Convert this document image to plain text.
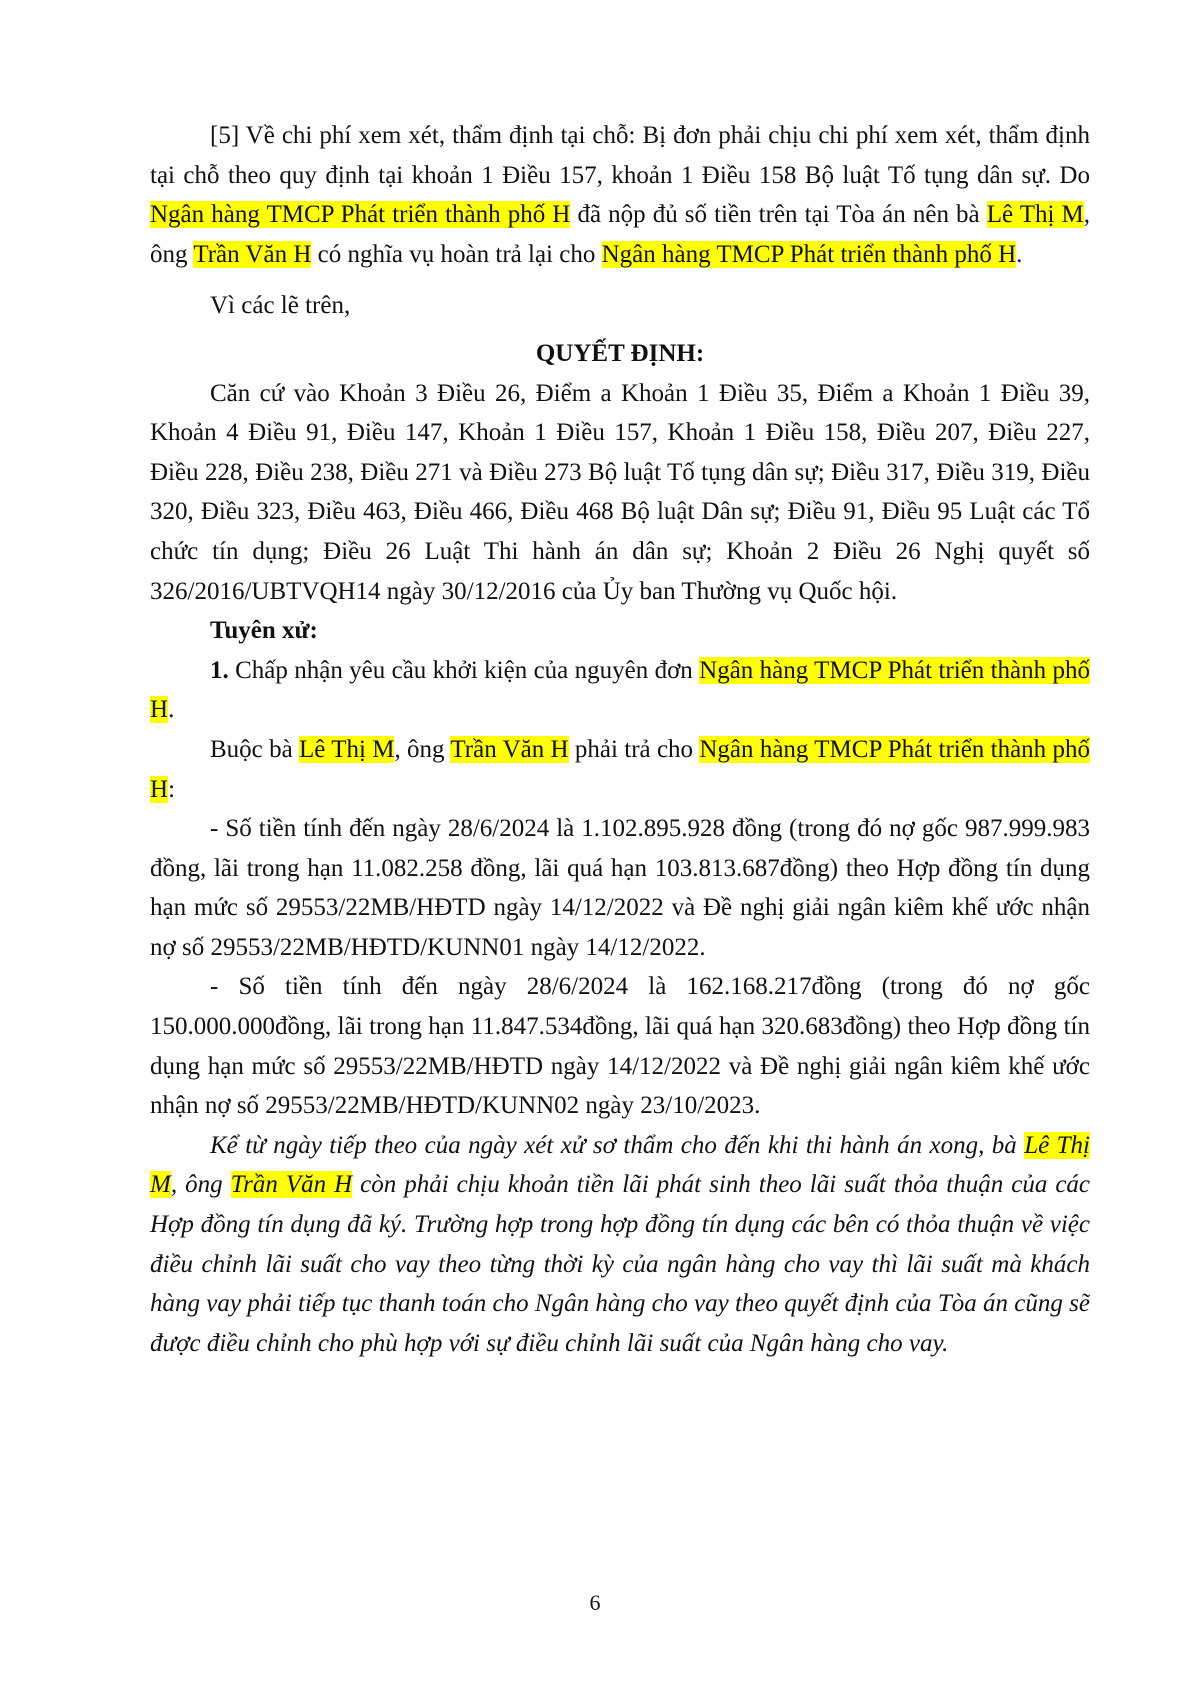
[5] Về chi phí xem xét, thẩm định tại chỗ: Bị đơn phải chịu chi phí xem xét, thẩm định tại chỗ theo quy định tại khoản 1 Điều 157, khoản 1 Điều 158 Bộ luật Tố tụng dân sự. Do Ngân hàng TMCP Phát triển thành phố H đã nộp đủ số tiền trên tại Tòa án nên bà Lê Thị M, ông Trần Văn H có nghĩa vụ hoàn trả lại cho Ngân hàng TMCP Phát triển thành phố H.

Vì các lẽ trên,

QUYẾT ĐỊNH:

Căn cứ vào Khoản 3 Điều 26, Điểm a Khoản 1 Điều 35, Điểm a Khoản 1 Điều 39, Khoản 4 Điều 91, Điều 147, Khoản 1 Điều 157, Khoản 1 Điều 158, Điều 207, Điều 227, Điều 228, Điều 238, Điều 271 và Điều 273 Bộ luật Tố tụng dân sự; Điều 317, Điều 319, Điều 320, Điều 323, Điều 463, Điều 466, Điều 468 Bộ luật Dân sự; Điều 91, Điều 95 Luật các Tổ chức tín dụng; Điều 26 Luật Thi hành án dân sự; Khoản 2 Điều 26 Nghị quyết số 326/2016/UBTVQH14 ngày 30/12/2016 của Ủy ban Thường vụ Quốc hội.

Tuyên xử:

1. Chấp nhận yêu cầu khởi kiện của nguyên đơn Ngân hàng TMCP Phát triển thành phố H.

Buộc bà Lê Thị M, ông Trần Văn H phải trả cho Ngân hàng TMCP Phát triển thành phố H:

- Số tiền tính đến ngày 28/6/2024 là 1.102.895.928 đồng (trong đó nợ gốc 987.999.983 đồng, lãi trong hạn 11.082.258 đồng, lãi quá hạn 103.813.687đồng) theo Hợp đồng tín dụng hạn mức số 29553/22MB/HĐTD ngày 14/12/2022 và Đề nghị giải ngân kiêm khế ước nhận nợ số 29553/22MB/HĐTD/KUNN01 ngày 14/12/2022.

- Số tiền tính đến ngày 28/6/2024 là 162.168.217đồng (trong đó nợ gốc 150.000.000đồng, lãi trong hạn 11.847.534đồng, lãi quá hạn 320.683đồng) theo Hợp đồng tín dụng hạn mức số 29553/22MB/HĐTD ngày 14/12/2022 và Đề nghị giải ngân kiêm khế ước nhận nợ số 29553/22MB/HĐTD/KUNN02 ngày 23/10/2023.

Kể từ ngày tiếp theo của ngày xét xử sơ thẩm cho đến khi thi hành án xong, bà Lê Thị M, ông Trần Văn H còn phải chịu khoản tiền lãi phát sinh theo lãi suất thỏa thuận của các Hợp đồng tín dụng đã ký. Trường hợp trong hợp đồng tín dụng các bên có thỏa thuận về việc điều chỉnh lãi suất cho vay theo từng thời kỳ của ngân hàng cho vay thì lãi suất mà khách hàng vay phải tiếp tục thanh toán cho Ngân hàng cho vay theo quyết định của Tòa án cũng sẽ được điều chỉnh cho phù hợp với sự điều chỉnh lãi suất của Ngân hàng cho vay.

6
